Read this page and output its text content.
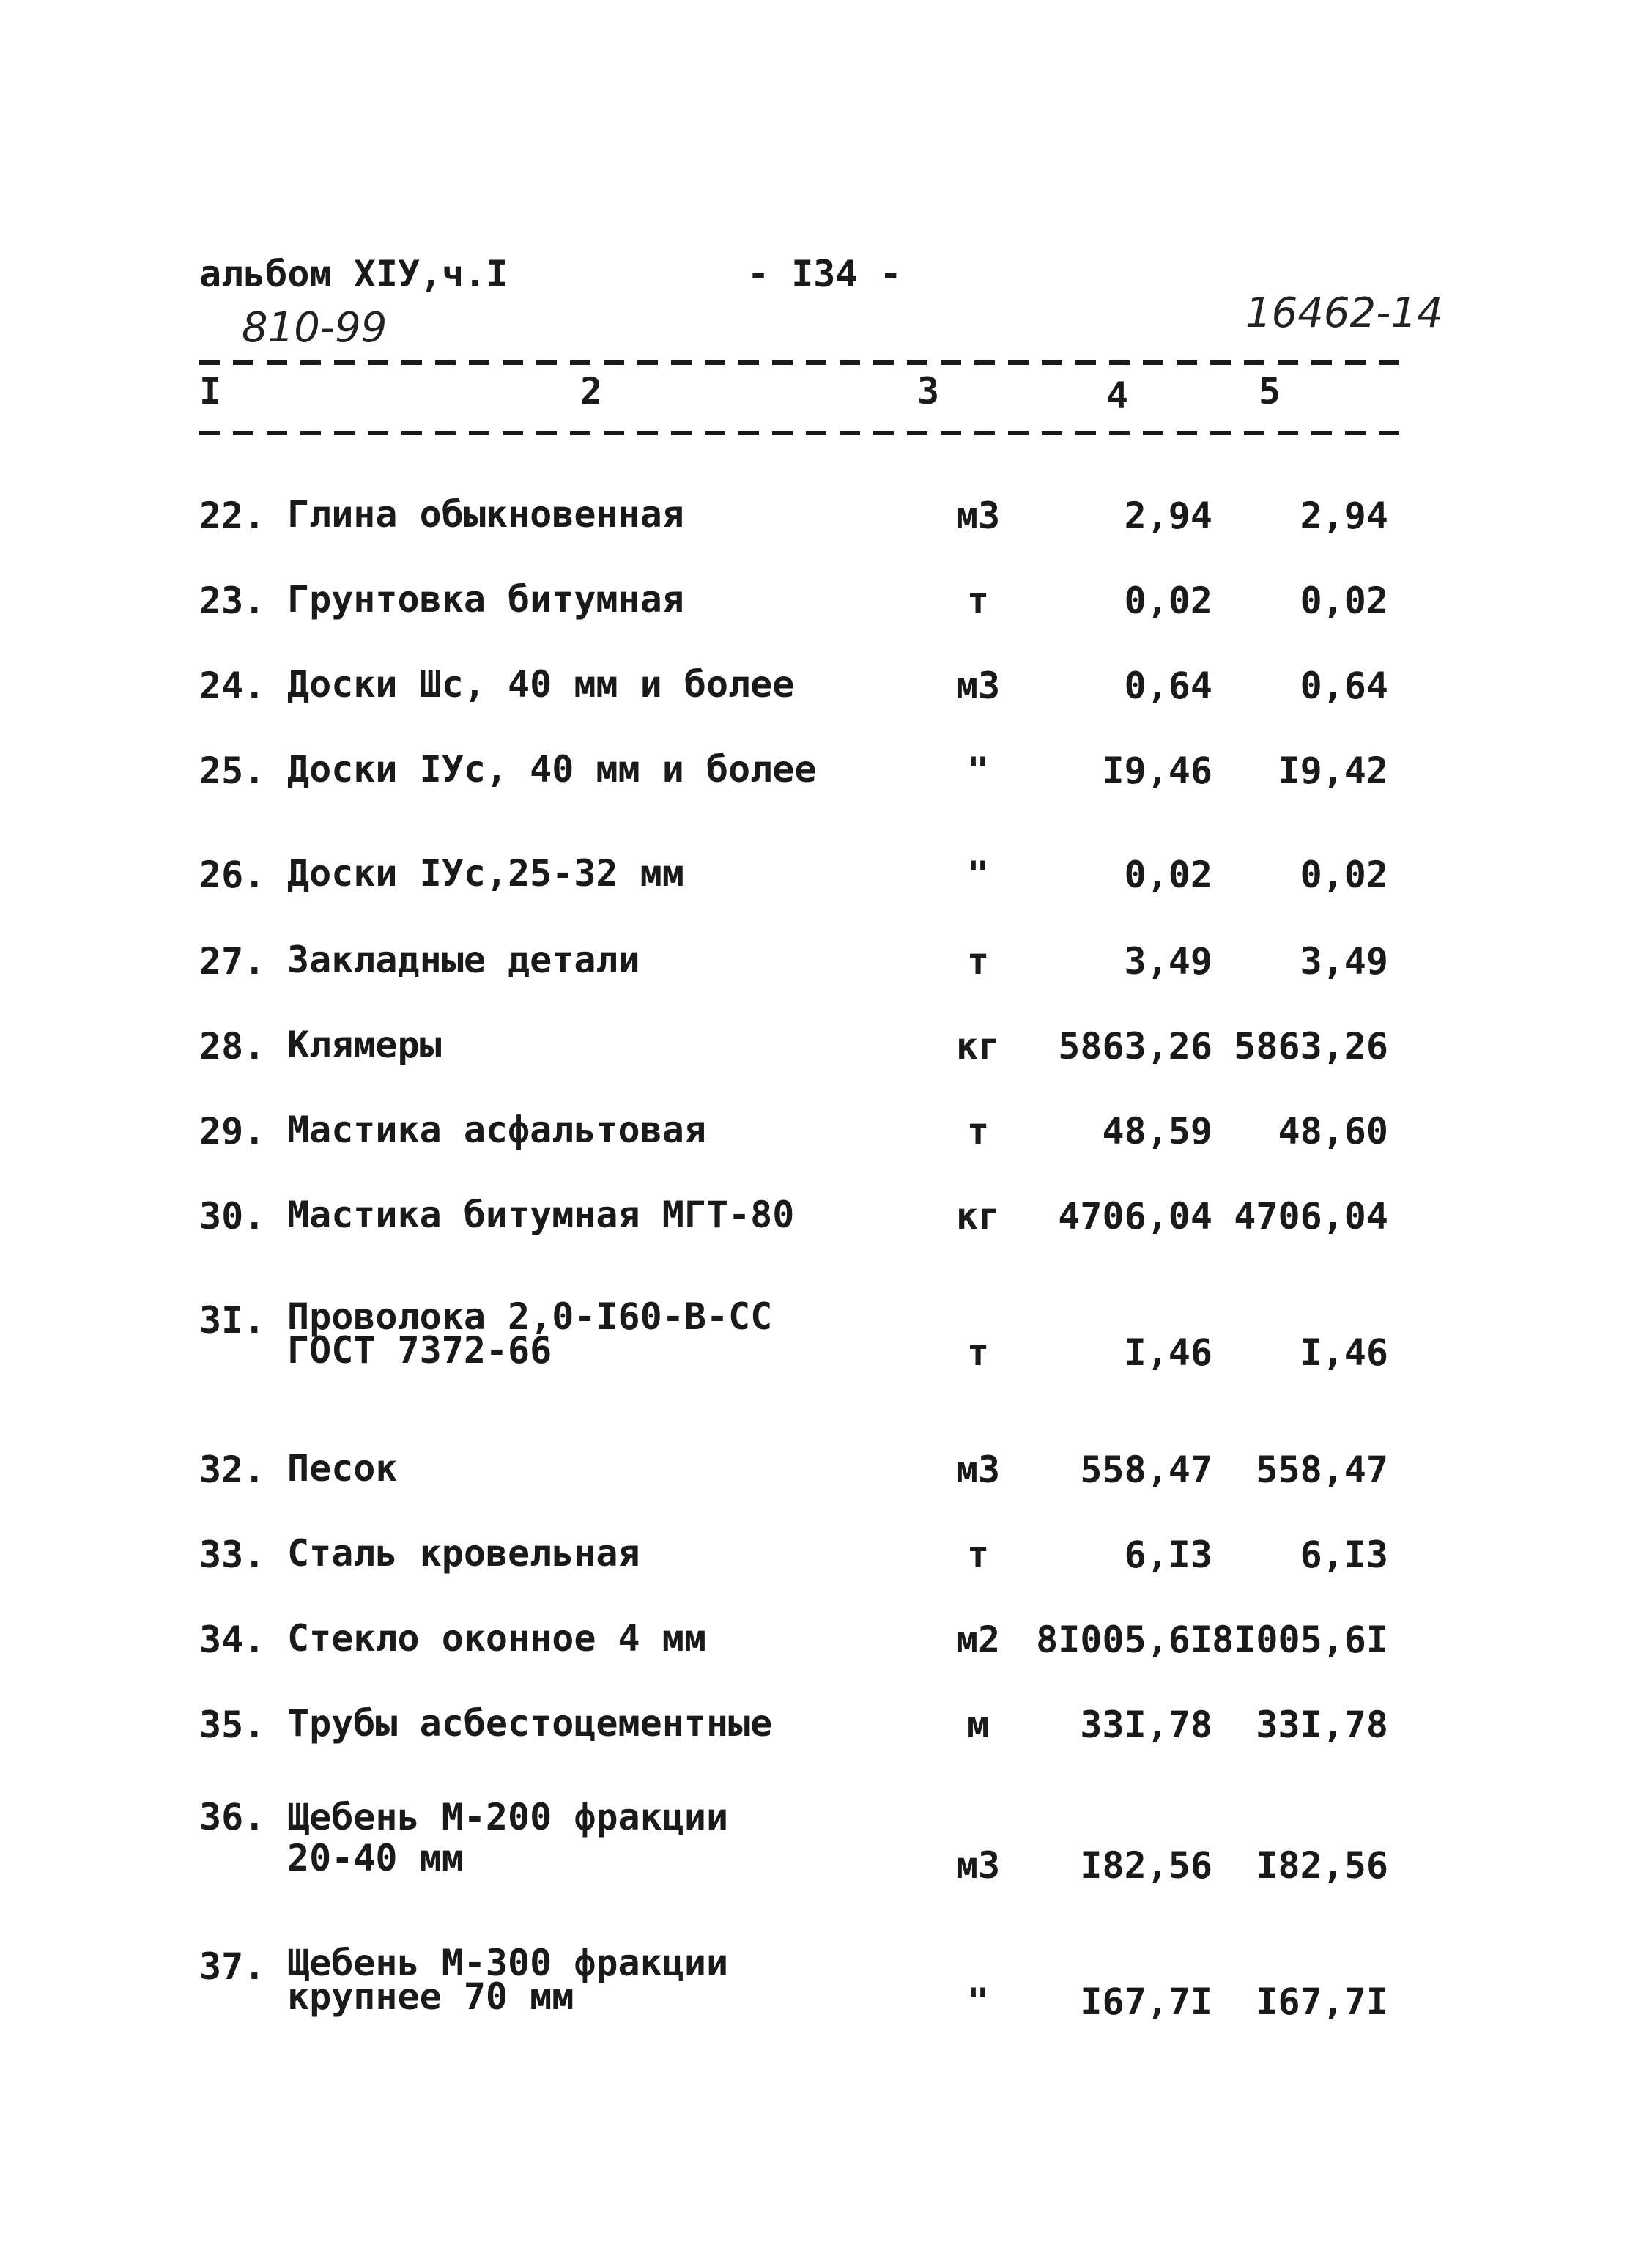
альбом XIУ,ч.I	- I34 -
810-99	16462-14
I	2	3	4	5
22. Глина обыкновенная	м3	2,94 2,94
23. Грунтовка битумная	т	0,02 0,02
24. Доски Шс, 40 мм и более	м3	0,64 0,64
25. Доски IУс, 40 мм и более	"	I9,46 I9,42
26. Доски IУс,25-32 мм	"	0,02 0,02
27. Закладные детали	т	3,49 3,49
28. Клямеры	кг 5863,26 5863,26
29. Мастика асфальтовая	т	48,59 48,60
30. Мастика битумная МГТ-80	кг 4706,04 4706,04
3I. Проволока 2,0-I60-В-СС
ГОСТ 7372-66	т	I,46 I,46
32. Песок	м3 558,47 558,47
33. Сталь кровельная	т	6,I3 6,I3
34. Стекло оконное 4 мм	м2 8I005,6I 8I005,6I
35. Трубы асбестоцементные	м	33I,78 33I,78
36. Щебень М-200 фракции
20-40 мм	м3 I82,56 I82,56
37. Щебень М-300 фракции
крупнее 70 мм	"	I67,7I I67,7I
